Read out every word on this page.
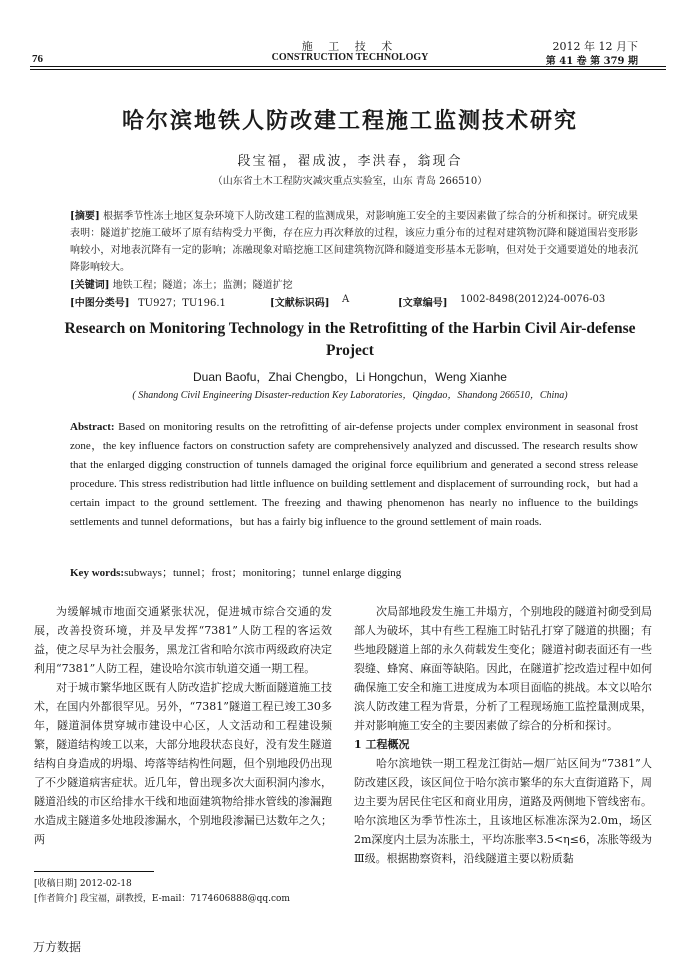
施 工 技 术
CONSTRUCTION TECHNOLOGY
76
2012 年 12 月下
第 41 卷 第 379 期
哈尔滨地铁人防改建工程施工监测技术研究
段宝福，翟成波，李洪春，翁现合
（山东省土木工程防灾减灾重点实验室，山东 青岛 266510）
[摘要] 根据季节性冻土地区复杂环境下人防改建工程的监测成果，对影响施工安全的主要因素做了综合的分析和探讨。研究成果表明：隧道扩挖施工破坏了原有结构受力平衡，存在应力再次释放的过程，该应力重分布的过程对建筑物沉降和隧道围岩变形影响较小，对地表沉降有一定的影响；冻融现象对暗挖施工区间建筑物沉降和隧道变形基本无影响，但对处于交通要道处的地表沉降影响较大。
[关键词] 地铁工程；隧道；冻土；监测；隧道扩挖
[中图分类号] TU927；TU196.1	[文献标识码] A	[文章编号] 1002-8498(2012)24-0076-03
Research on Monitoring Technology in the Retrofitting of the Harbin Civil Air-defense Project
Duan Baofu，Zhai Chengbo，Li Hongchun，Weng Xianhe
( Shandong Civil Engineering Disaster-reduction Key Laboratories，Qingdao，Shandong 266510，China)
Abstract: Based on monitoring results on the retrofitting of air-defense projects under complex environment in seasonal frost zone，the key influence factors on construction safety are comprehensively analyzed and discussed. The research results show that the enlarged digging construction of tunnels damaged the original force equilibrium and generated a second stress release procedure. This stress redistribution had little influence on building settlement and displacement of surrounding rock，but had a certain impact to the ground settlement. The freezing and thawing phenomenon has nearly no influence to the buildings settlements and tunnel deformations，but has a fairly big influence to the ground settlement of main roads.
Key words:subways；tunnel；frost；monitoring；tunnel enlarge digging

为缓解城市地面交通紧张状况，促进城市综合交通的发展，改善投资环境，并及早发挥“7381”人防工程的客运效益，使之尽早为社会服务，黑龙江省和哈尔滨市两级政府决定利用“7381”人防工程，建设哈尔滨市轨道交通一期工程。

对于城市繁华地区既有人防改造扩挖成大断面隧道施工技术，在国内外都很罕见。另外，“7381”隧道工程已竣工30多年，隧道洞体贯穿城市建设中心区，人文活动和工程建设频繁，隧道结构竣工以来，大部分地段状态良好，没有发生隧道结构自身造成的坍塌、垮落等结构性问题，但个别地段仍出现了不少隧道病害症状。近几年，曾出现多次大面积洞内渗水，隧道沿线的市区给排水干线和地面建筑物给排水管线的渗漏跑水造成主隧道多处地段渗漏水，个别地段渗漏已达数年之久；两

次局部地段发生施工井塌方，个别地段的隧道衬砌受到局部人为破坏，其中有些工程施工时钻孔打穿了隧道的拱圈；有些地段隧道上部的永久荷载发生变化；隧道衬砌表面还有一些裂缝、蜂窝、麻面等缺陷。因此，在隧道扩挖改造过程中如何确保施工安全和施工进度成为本项目面临的挑战。本文以哈尔滨人防改建工程为背景，分析了工程现场施工监控量测成果，并对影响施工安全的主要因素做了综合的分析和探讨。

1 工程概况

哈尔滨地铁一期工程龙江街站—烟厂站区间为“7381”人防改建区段，该区间位于哈尔滨市繁华的东大直街道路下，周边主要为居民住宅区和商业用房，道路及两侧地下管线密布。哈尔滨地区为季节性冻土，且该地区标准冻深为2.0m，场区2m深度内土层为冻胀土，平均冻胀率3.5<η≤6，冻胀等级为Ⅲ级。根据勘察资料，沿线隧道主要以粉质黏

[收稿日期] 2012-02-18
[作者简介] 段宝福，副教授，E-mail：7174606888@qq.com
万方数据
